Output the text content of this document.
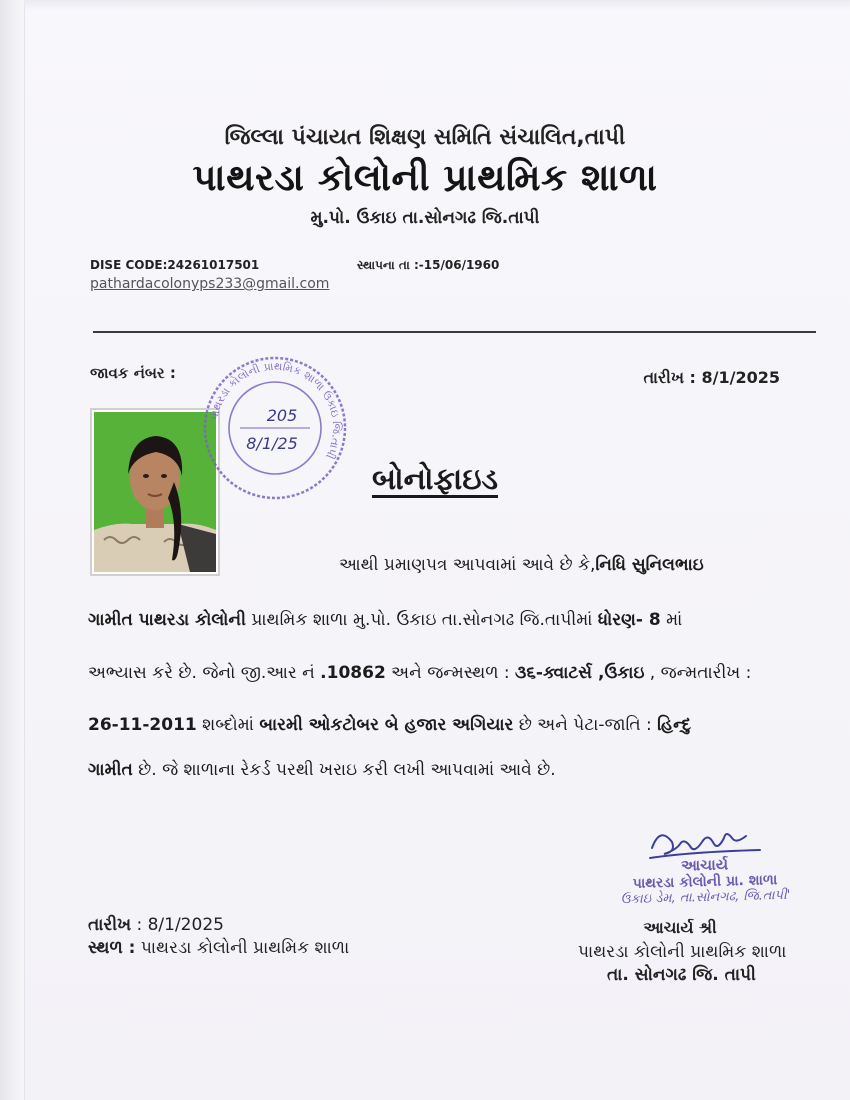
જિલ્લા પંચાયત શિક્ષણ સમિતિ સંચાલિત,તાપી
પાથરડા કોલોની પ્રાથમિક શાળા
મુ.પો. ઉકાઇ તા.સોનગઢ જિ.તાપી
DISE CODE:24261017501	સ્થાપના તા :-15/06/1960
pathardacolonyps233@gmail.com
જાવક નંબર :	તારીખ : 8/1/2025
પાથરડા કોલોની પ્રાથમિક શાળા ઉકાઇ જિ.તાપી
205
8/1/25
બોનોફાઇડ
આથી પ્રમાણપત્ર આપવામાં આવે છે કે,નિધિ સુનિલભાઇ
ગામીત પાથરડા કોલોની પ્રાથમિક શાળા મુ.પો. ઉકાઇ તા.સોનગઢ જિ.તાપીમાં ધોરણ- 8 માં
અભ્યાસ કરે છે. જેનો જી.આર નં .10862 અને જન્મસ્થળ : ૩૬-ક્વાટર્સ ,ઉકાઇ , જન્મતારીખ :
26-11-2011 શબ્દોમાં બારમી ઓકટોબર બે હજાર અગિયાર છે અને પેટા-જાતિ : હિન્દુ
ગામીત છે. જે શાળાના રેકર્ડ પરથી ખરાઇ કરી લખી આપવામાં આવે છે.
આચાર્ય
પાથરડા કોલોની પ્રા. શાળા
ઉકાઇ ડેમ, તા.સોનગઢ, જિ.તાપી'
આચાર્ય શ્રી
પાથરડા કોલોની પ્રાથમિક શાળા
તા. સોનગઢ જિ. તાપી
તારીખ : 8/1/2025
સ્થળ : પાથરડા કોલોની પ્રાથમિક શાળા
